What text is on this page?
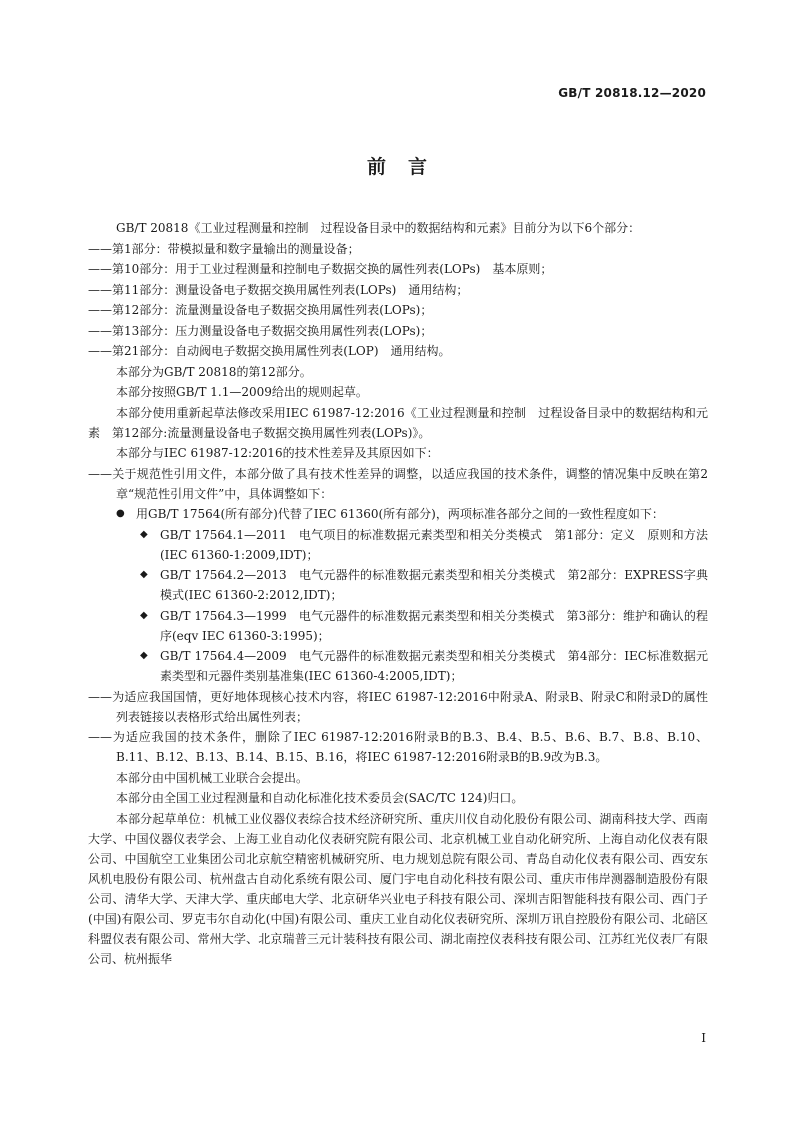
GB/T 20818.12—2020
前言
GB/T 20818《工业过程测量和控制　过程设备目录中的数据结构和元素》目前分为以下6个部分：
——第1部分：带模拟量和数字量输出的测量设备；
——第10部分：用于工业过程测量和控制电子数据交换的属性列表(LOPs)　基本原则；
——第11部分：测量设备电子数据交换用属性列表(LOPs)　通用结构；
——第12部分：流量测量设备电子数据交换用属性列表(LOPs)；
——第13部分：压力测量设备电子数据交换用属性列表(LOPs)；
——第21部分：自动阀电子数据交换用属性列表(LOP)　通用结构。
本部分为GB/T 20818的第12部分。
本部分按照GB/T 1.1—2009给出的规则起草。
本部分使用重新起草法修改采用IEC 61987-12:2016《工业过程测量和控制　过程设备目录中的数据结构和元素　第12部分:流量测量设备电子数据交换用属性列表(LOPs)》。
本部分与IEC 61987-12:2016的技术性差异及其原因如下：
——关于规范性引用文件，本部分做了具有技术性差异的调整，以适应我国的技术条件，调整的情况集中反映在第2章“规范性引用文件”中，具体调整如下：
● 用GB/T 17564(所有部分)代替了IEC 61360(所有部分)，两项标准各部分之间的一致性程度如下：
◆ GB/T 17564.1—2011　电气项目的标准数据元素类型和相关分类模式　第1部分：定义　原则和方法(IEC 61360-1:2009,IDT)；
◆ GB/T 17564.2—2013　电气元器件的标准数据元素类型和相关分类模式　第2部分：EXPRESS字典模式(IEC 61360-2:2012,IDT)；
◆ GB/T 17564.3—1999　电气元器件的标准数据元素类型和相关分类模式　第3部分：维护和确认的程序(eqv IEC 61360-3:1995)；
◆ GB/T 17564.4—2009　电气元器件的标准数据元素类型和相关分类模式　第4部分：IEC标准数据元素类型和元器件类别基准集(IEC 61360-4:2005,IDT)；
——为适应我国国情，更好地体现核心技术内容，将IEC 61987-12:2016中附录A、附录B、附录C和附录D的属性列表链接以表格形式给出属性列表；
——为适应我国的技术条件，删除了IEC 61987-12:2016附录B的B.3、B.4、B.5、B.6、B.7、B.8、B.10、B.11、B.12、B.13、B.14、B.15、B.16，将IEC 61987-12:2016附录B的B.9改为B.3。
本部分由中国机械工业联合会提出。
本部分由全国工业过程测量和自动化标准化技术委员会(SAC/TC 124)归口。
本部分起草单位：机械工业仪器仪表综合技术经济研究所、重庆川仪自动化股份有限公司、湖南科技大学、西南大学、中国仪器仪表学会、上海工业自动化仪表研究院有限公司、北京机械工业自动化研究所、上海自动化仪表有限公司、中国航空工业集团公司北京航空精密机械研究所、电力规划总院有限公司、青岛自动化仪表有限公司、西安东风机电股份有限公司、杭州盘古自动化系统有限公司、厦门宇电自动化科技有限公司、重庆市伟岸测器制造股份有限公司、清华大学、天津大学、重庆邮电大学、北京研华兴业电子科技有限公司、深圳吉阳智能科技有限公司、西门子(中国)有限公司、罗克韦尔自动化(中国)有限公司、重庆工业自动化仪表研究所、深圳万讯自控股份有限公司、北碚区科盟仪表有限公司、常州大学、北京瑞普三元计装科技有限公司、湖北南控仪表科技有限公司、江苏红光仪表厂有限公司、杭州振华
I
